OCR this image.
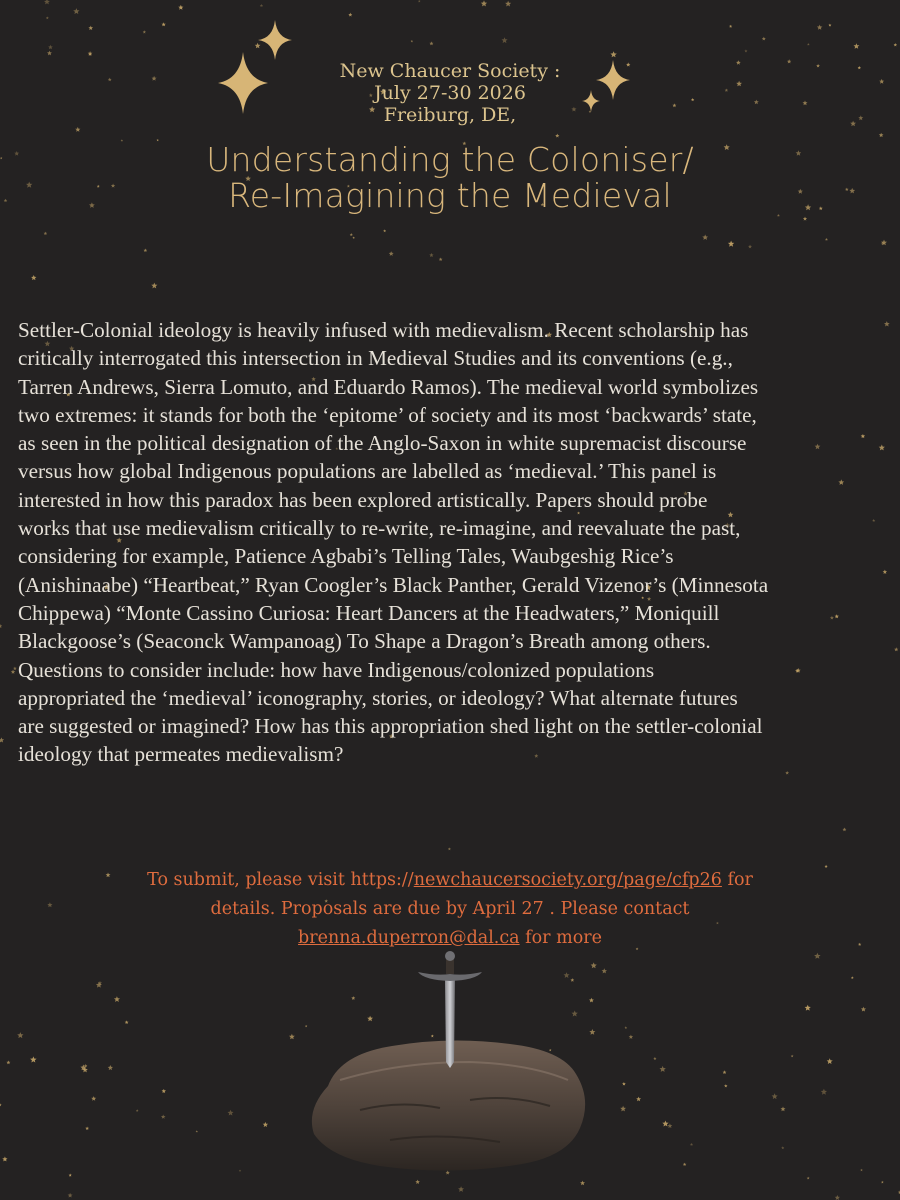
New Chaucer Society :
July 27-30 2026
Freiburg, DE,
Understanding the Coloniser/
Re-Imagining the Medieval
Settler-Colonial ideology is heavily infused with medievalism. Recent scholarship has
critically interrogated this intersection in Medieval Studies and its conventions (e.g.,
Tarren Andrews, Sierra Lomuto, and Eduardo Ramos). The medieval world symbolizes
two extremes: it stands for both the ‘epitome’ of society and its most ‘backwards’ state,
as seen in the political designation of the Anglo-Saxon in white supremacist discourse
versus how global Indigenous populations are labelled as ‘medieval.’ This panel is
interested in how this paradox has been explored artistically. Papers should probe
works that use medievalism critically to re-write, re-imagine, and reevaluate the past,
considering for example, Patience Agbabi’s Telling Tales, Waubgeshig Rice’s
(Anishinaabe) “Heartbeat,” Ryan Coogler’s Black Panther, Gerald Vizenor’s (Minnesota
Chippewa) “Monte Cassino Curiosa: Heart Dancers at the Headwaters,” Moniquill
Blackgoose’s (Seaconck Wampanoag) To Shape a Dragon’s Breath among others.
Questions to consider include: how have Indigenous/colonized populations
appropriated the ‘medieval’ iconography, stories, or ideology? What alternate futures
are suggested or imagined? How has this appropriation shed light on the settler-colonial
ideology that permeates medievalism?
To submit, please visit https://newchaucersociety.org/page/cfp26 for
details. Proposals are due by April 27 . Please contact
brenna.duperron@dal.ca for more
